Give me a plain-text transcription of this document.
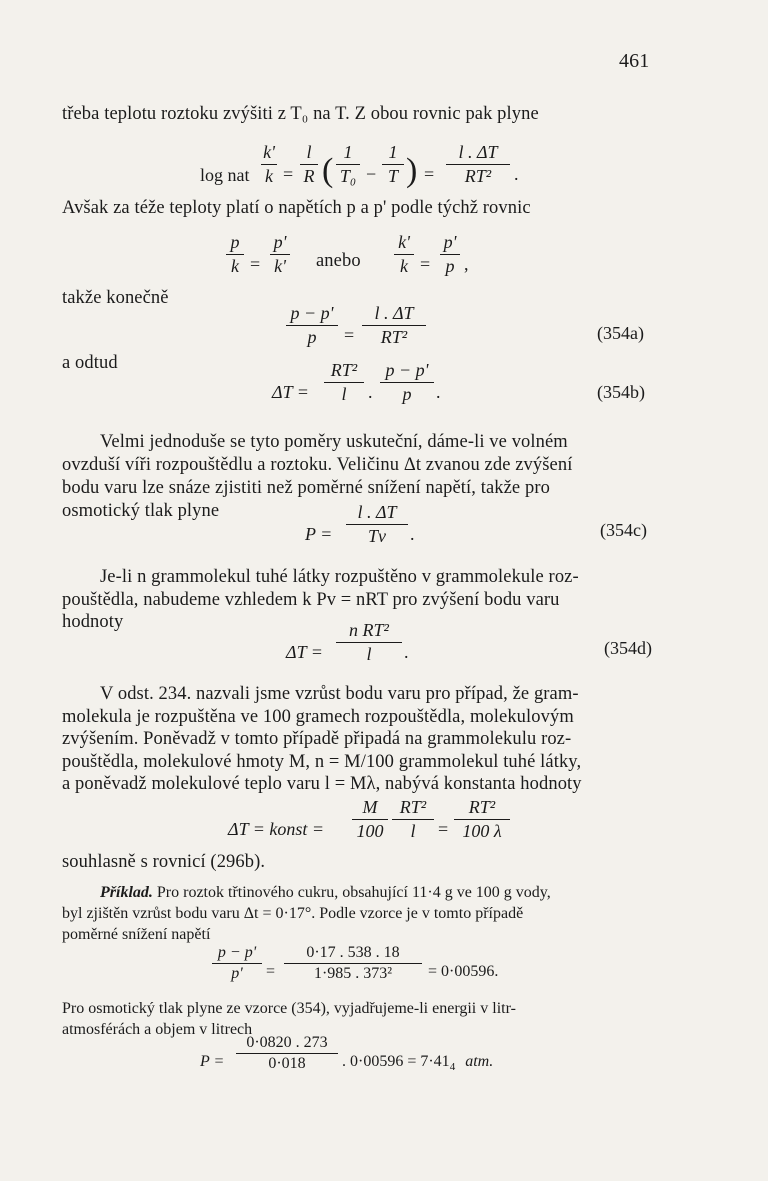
461
třeba teplotu roztoku zvýšiti z T₀ na T. Z obou rovnic pak plyne
log nat
k'
k =
l
R ( 1
T₀ −
1
T ) =
l . ΔT
RT²	.
Avšak za téže teploty platí o napětích p a p' podle týchž rovnic
p
k =
p'
k' anebo
k'
k =
p'
p ,
takže konečně
p − p'
p	=
l . ΔT
RT²	(354a)
a odtud
ΔT =
RT²
l	.
p − p'
p	.	(354b)
Velmi jednoduše se tyto poměry uskuteční, dáme-li ve volném
ovzduší víři rozpouštědlu a roztoku. Veličinu Δt zvanou zde zvýšení
bodu varu lze snáze zjistiti než poměrné snížení napětí, takže pro
osmotický tlak plyne
P =
l . ΔT
Tv	.	(354c)
Je-li n grammolekul tuhé látky rozpuštěno v grammolekule roz-
pouštědla, nabudeme vzhledem k Pv = nRT pro zvýšení bodu varu
hodnoty
ΔT =
n RT²
l	.	(354d)
V odst. 234. nazvali jsme vzrůst bodu varu pro případ, že gram-
molekula je rozpuštěna ve 100 gramech rozpouštědla, molekulovým
zvýšením. Poněvadž v tomto případě připadá na grammolekulu roz-
pouštědla, molekulové hmoty M, n = M/100 grammolekul tuhé látky,
a poněvadž molekulové teplo varu l = Mλ, nabývá konstanta hodnoty
ΔT = konst =
M
100
RT²
l	=
RT²
100 λ
souhlasně s rovnicí (296b).
Příklad. Pro roztok třtinového cukru, obsahující 11·4 g ve 100 g vody,
byl zjištěn vzrůst bodu varu Δt = 0·17°. Podle vzorce je v tomto případě
poměrné snížení napětí
p − p'
p'	=
0·17 . 538 . 18
1·985 . 373²	= 0·00596.
Pro osmotický tlak plyne ze vzorce (354), vyjadřujeme-li energii v litr-
atmosférách a objem v litrech
P =
0·0820 . 273
0·018	. $0\cdot 00596 = 7\cdot 41_4$ atm.
